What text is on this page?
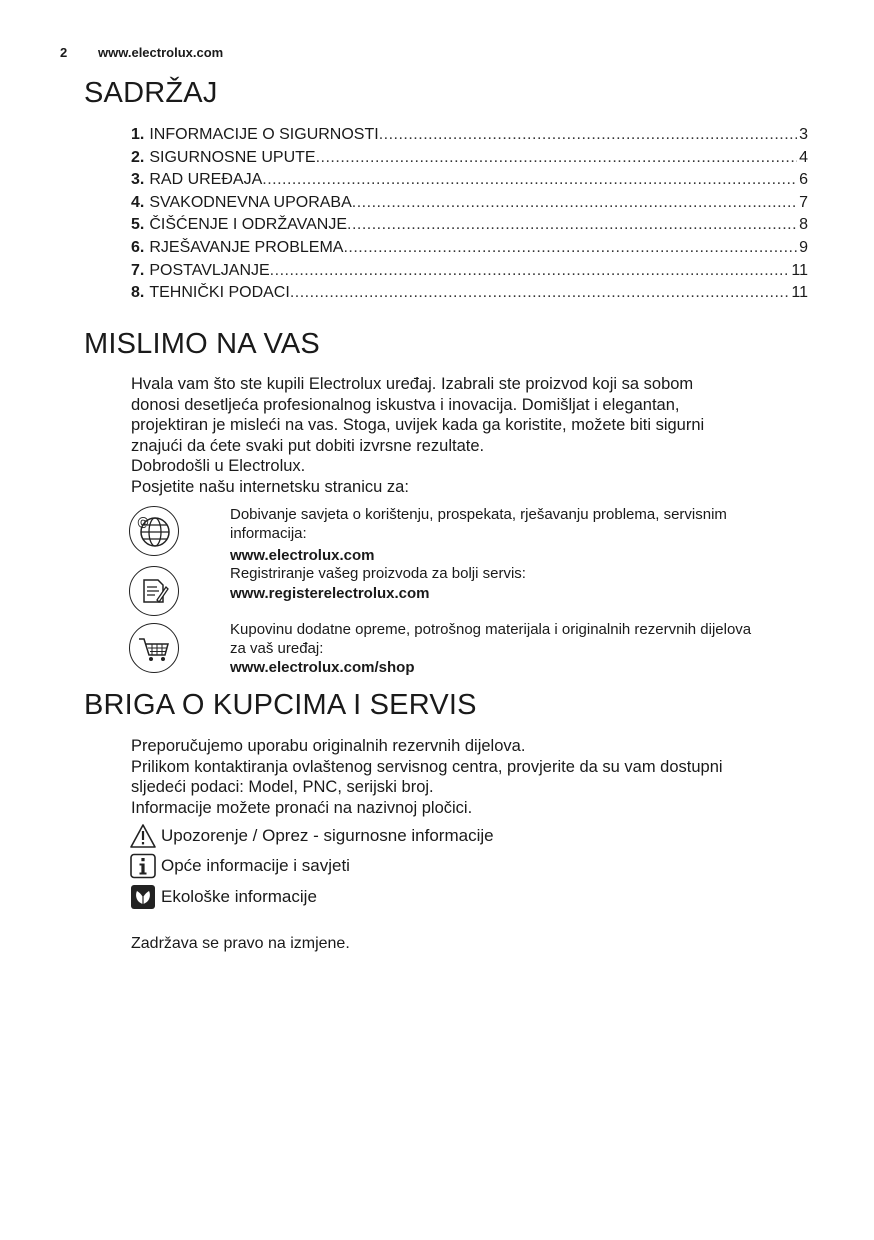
2 www.electrolux.com
SADRŽAJ
1. INFORMACIJE O SIGURNOSTI .....	3
2. SIGURNOSNE UPUTE .....	4
3. RAD UREĐAJA .....	6
4. SVAKODNEVNA UPORABA .....	7
5. ČIŠĆENJE I ODRŽAVANJE .....	8
6. RJEŠAVANJE PROBLEMA .....	9
7. POSTAVLJANJE .....	11
8. TEHNIČKI PODACI .....	11
MISLIMO NA VAS
Hvala vam što ste kupili Electrolux uređaj. Izabrali ste proizvod koji sa sobom
donosi desetljeća profesionalnog iskustva i inovacija. Domišljat i elegantan,
projektiran je misleći na vas. Stoga, uvijek kada ga koristite, možete biti sigurni
znajući da ćete svaki put dobiti izvrsne rezultate.
Dobrodošli u Electrolux.
Posjetite našu internetsku stranicu za:
@	Dobivanje savjeta o korištenju, prospekata, rješavanju problema, servisnim
informacija:
www.electrolux.com
Registriranje vašeg proizvoda za bolji servis:
www.registerelectrolux.com
Kupovinu dodatne opreme, potrošnog materijala i originalnih rezervnih dijelova
za vaš uređaj:
www.electrolux.com/shop
BRIGA O KUPCIMA I SERVIS
Preporučujemo uporabu originalnih rezervnih dijelova.
Prilikom kontaktiranja ovlaštenog servisnog centra, provjerite da su vam dostupni
sljedeći podaci: Model, PNC, serijski broj.
Informacije možete pronaći na nazivnoj pločici.
Upozorenje / Oprez - sigurnosne informacije
Opće informacije i savjeti
Ekološke informacije
Zadržava se pravo na izmjene.
